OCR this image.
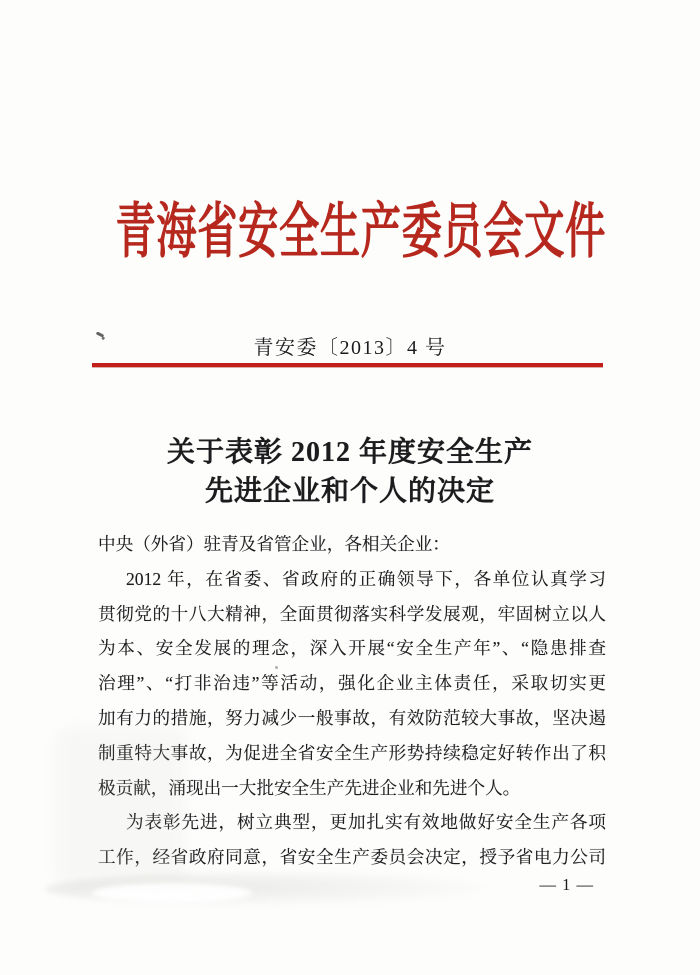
青海省安全生产委员会文件
青安委〔2013〕4 号
关于表彰 2012 年度安全生产
先进企业和个人的决定
中央（外省）驻青及省管企业，各相关企业：
2012 年，在省委、省政府的正确领导下，各单位认真学习
贯彻党的十八大精神，全面贯彻落实科学发展观，牢固树立以人
为本、安全发展的理念，深入开展“安全生产年”、“隐患排查
治理”、“打非治违”等活动，强化企业主体责任，采取切实更
加有力的措施，努力减少一般事故，有效防范较大事故，坚决遏
制重特大事故，为促进全省安全生产形势持续稳定好转作出了积
极贡献，涌现出一大批安全生产先进企业和先进个人。
为表彰先进，树立典型，更加扎实有效地做好安全生产各项
工作，经省政府同意，省安全生产委员会决定，授予省电力公司
— 1 —
